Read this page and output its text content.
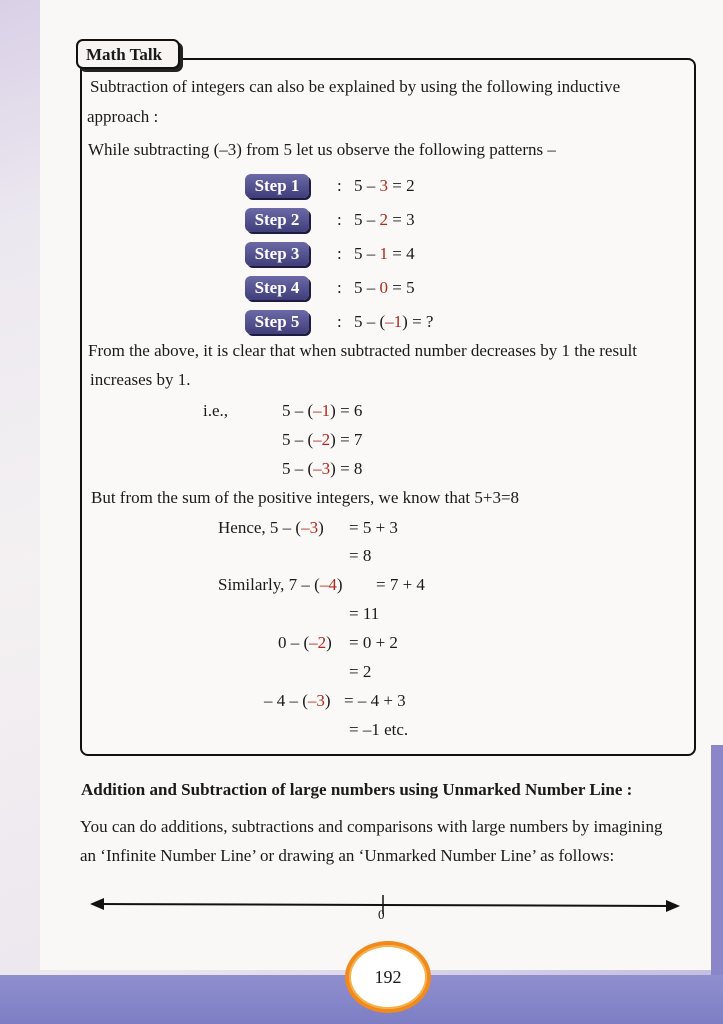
Math Talk
Subtraction of integers can also be explained by using the following inductive
approach :
While subtracting (–3) from 5 let us observe the following patterns –
Step 1	: 5 – 3 = 2
Step 2	: 5 – 2 = 3
Step 3	: 5 – 1 = 4
Step 4	: 5 – 0 = 5
Step 5	: 5 – (–1) = ?
From the above, it is clear that when subtracted number decreases by 1 the result
increases by 1.
i.e.,	5 – (–1) = 6
5 – (–2) = 7
5 – (–3) = 8
But from the sum of the positive integers, we know that 5+3=8
Hence, 5 – (–3) = 5 + 3
= 8
Similarly, 7 – (–4) = 7 + 4
= 11
0 – (–2) = 0 + 2
= 2
– 4 – (–3) = – 4 + 3
= –1 etc.
Addition and Subtraction of large numbers using Unmarked Number Line :
You can do additions, subtractions and comparisons with large numbers by imagining
an ‘Infinite Number Line’ or drawing an ‘Unmarked Number Line’ as follows:
0
192
